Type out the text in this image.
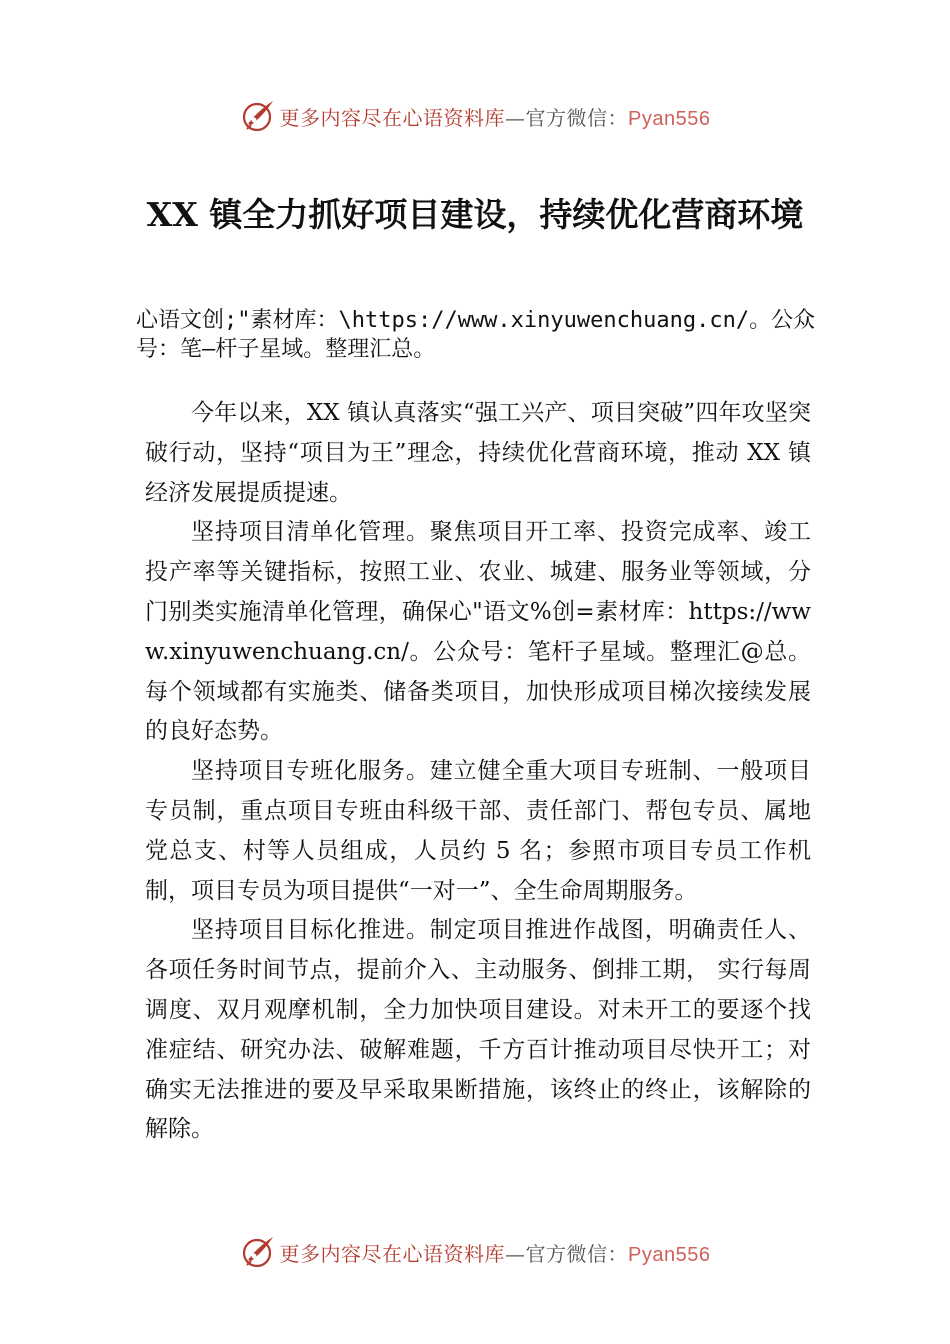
更多内容尽在心语资料库—官方微信：Pyan556
XX 镇全力抓好项目建设，持续优化营商环境
心语文创;"素材库：\https://www.xinyuwenchuang.cn/。公众号：笔—杆子星域。整理汇总。

今年以来，XX 镇认真落实“强工兴产、项目突破”四年攻坚突破行动，坚持“项目为王”理念，持续优化营商环境，推动 XX 镇经济发展提质提速。

坚持项目清单化管理。聚焦项目开工率、投资完成率、竣工投产率等关键指标，按照工业、农业、城建、服务业等领域，分门别类实施清单化管理，确保心"语文%创=素材库：https://www.xinyuwenchuang.cn/。公众号：笔杆子星域。整理汇@总。每个领域都有实施类、储备类项目，加快形成项目梯次接续发展的良好态势。

坚持项目专班化服务。建立健全重大项目专班制、一般项目专员制，重点项目专班由科级干部、责任部门、帮包专员、属地党总支、村等人员组成，人员约 5 名；参照市项目专员工作机制，项目专员为项目提供“一对一”、全生命周期服务。

坚持项目目标化推进。制定项目推进作战图，明确责任人、各项任务时间节点，提前介入、主动服务、倒排工期， 实行每周调度、双月观摩机制，全力加快项目建设。对未开工的要逐个找准症结、研究办法、破解难题，千方百计推动项目尽快开工；对确实无法推进的要及早采取果断措施，该终止的终止，该解除的解除。

更多内容尽在心语资料库—官方微信：Pyan556
